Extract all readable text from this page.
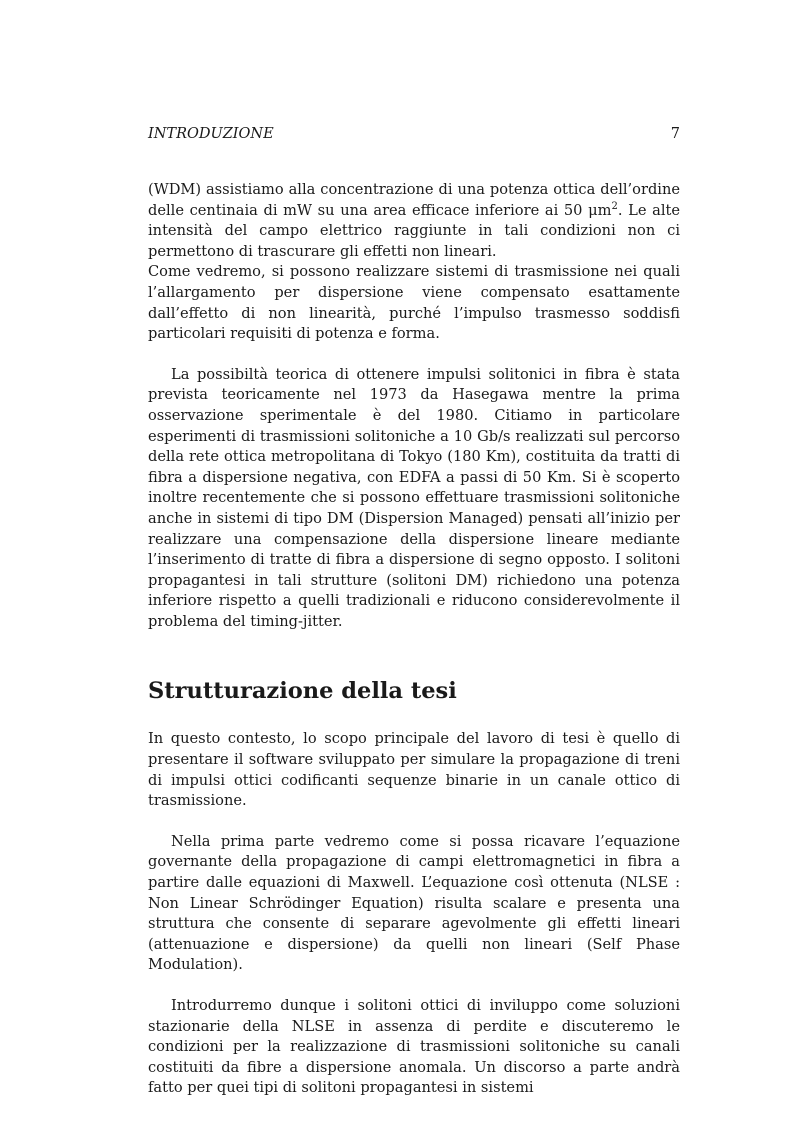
INTRODUZIONE	7

(WDM) assistiamo alla concentrazione di una potenza ottica dell’ordine delle centinaia di mW su una area efficace inferiore ai 50 $\mu m^2$. Le alte intensità del campo elettrico raggiunte in tali condizioni non ci permettono di trascurare gli effetti non lineari.

Come vedremo, si possono realizzare sistemi di trasmissione nei quali l’allargamento per dispersione viene compensato esattamente dall’effetto di non linearità, purché l’impulso trasmesso soddisfi particolari requisiti di potenza e forma.

La possibiltà teorica di ottenere impulsi solitonici in fibra è stata prevista teoricamente nel 1973 da Hasegawa mentre la prima osservazione sperimentale è del 1980. Citiamo in particolare esperimenti di trasmissioni solitoniche a 10 Gb/s realizzati sul percorso della rete ottica metropolitana di Tokyo (180 Km), costituita da tratti di fibra a dispersione negativa, con EDFA a passi di 50 Km. Si è scoperto inoltre recentemente che si possono effettuare trasmissioni solitoniche anche in sistemi di tipo DM (Dispersion Managed) pensati all’inizio per realizzare una compensazione della dispersione lineare mediante l’inserimento di tratte di fibra a dispersione di segno opposto. I solitoni propagantesi in tali strutture (solitoni DM) richiedono una potenza inferiore rispetto a quelli tradizionali e riducono considerevolmente il problema del timing-jitter.

Strutturazione della tesi

In questo contesto, lo scopo principale del lavoro di tesi è quello di presentare il software sviluppato per simulare la propagazione di treni di impulsi ottici codificanti sequenze binarie in un canale ottico di trasmissione.

Nella prima parte vedremo come si possa ricavare l’equazione governante della propagazione di campi elettromagnetici in fibra a partire dalle equazioni di Maxwell. L’equazione così ottenuta (NLSE : Non Linear Schrödinger Equation) risulta scalare e presenta una struttura che consente di separare agevolmente gli effetti lineari (attenuazione e dispersione) da quelli non lineari (Self Phase Modulation).

Introdurremo dunque i solitoni ottici di inviluppo come soluzioni stazionarie della NLSE in assenza di perdite e discuteremo le condizioni per la realizzazione di trasmissioni solitoniche su canali costituiti da fibre a dispersione anomala. Un discorso a parte andrà fatto per quei tipi di solitoni propagantesi in sistemi
